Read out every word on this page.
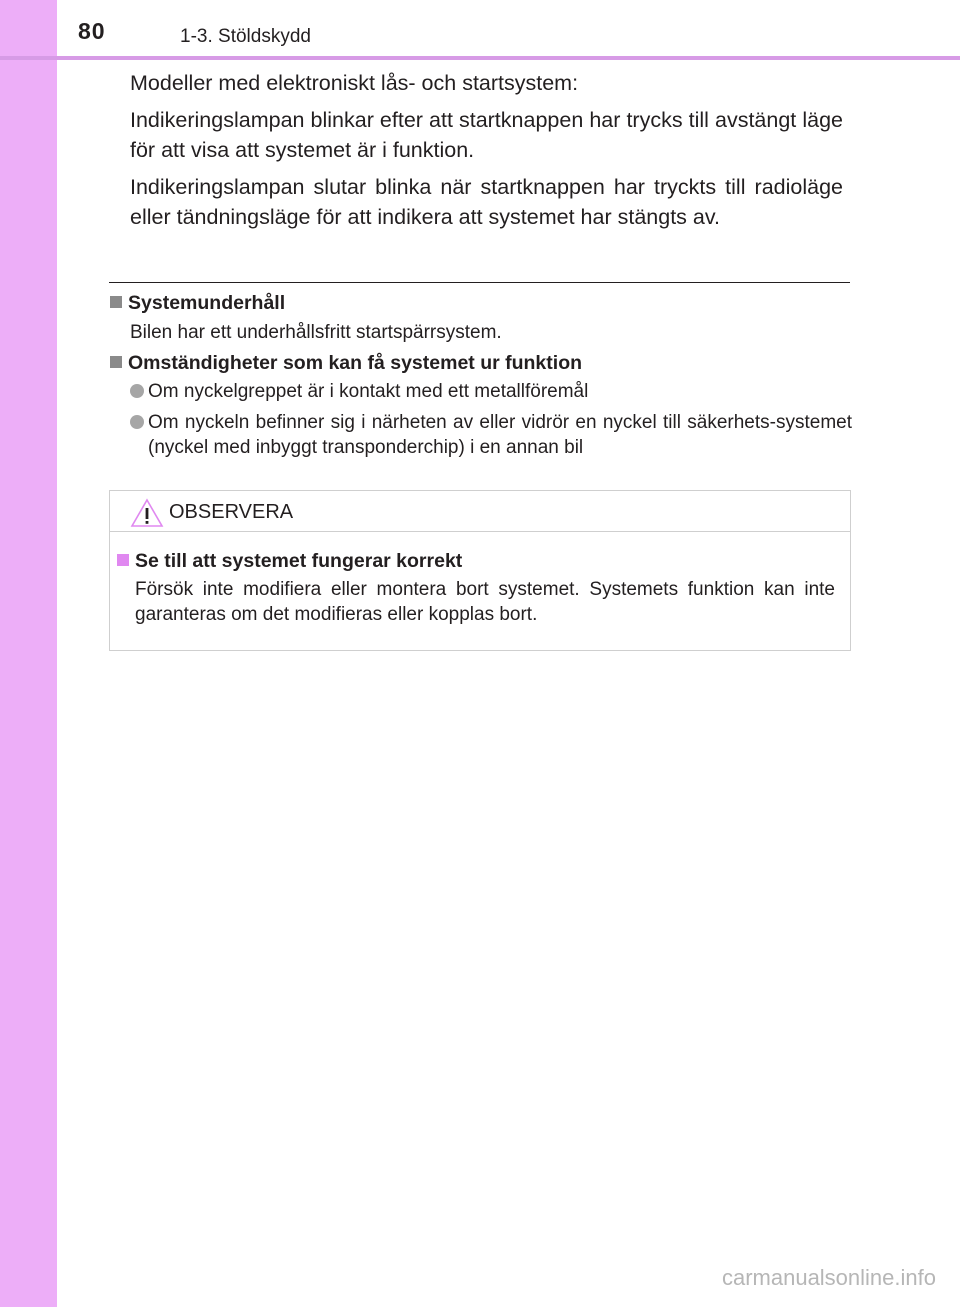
80	1-3. Stöldskydd

Modeller med elektroniskt lås- och startsystem:

Indikeringslampan blinkar efter att startknappen har trycks till avstängt läge för att visa att systemet är i funktion.

Indikeringslampan slutar blinka när startknappen har tryckts till radioläge eller tändningsläge för att indikera att systemet har stängts av.

Systemunderhåll
Bilen har ett underhållsfritt startspärrsystem.
Omständigheter som kan få systemet ur funktion
Om nyckelgreppet är i kontakt med ett metallföremål
Om nyckeln befinner sig i närheten av eller vidrör en nyckel till säkerhets-systemet (nyckel med inbyggt transponderchip) i en annan bil
OBSERVERA
Se till att systemet fungerar korrekt
Försök inte modifiera eller montera bort systemet. Systemets funktion kan inte garanteras om det modifieras eller kopplas bort.
carmanualsonline.info
